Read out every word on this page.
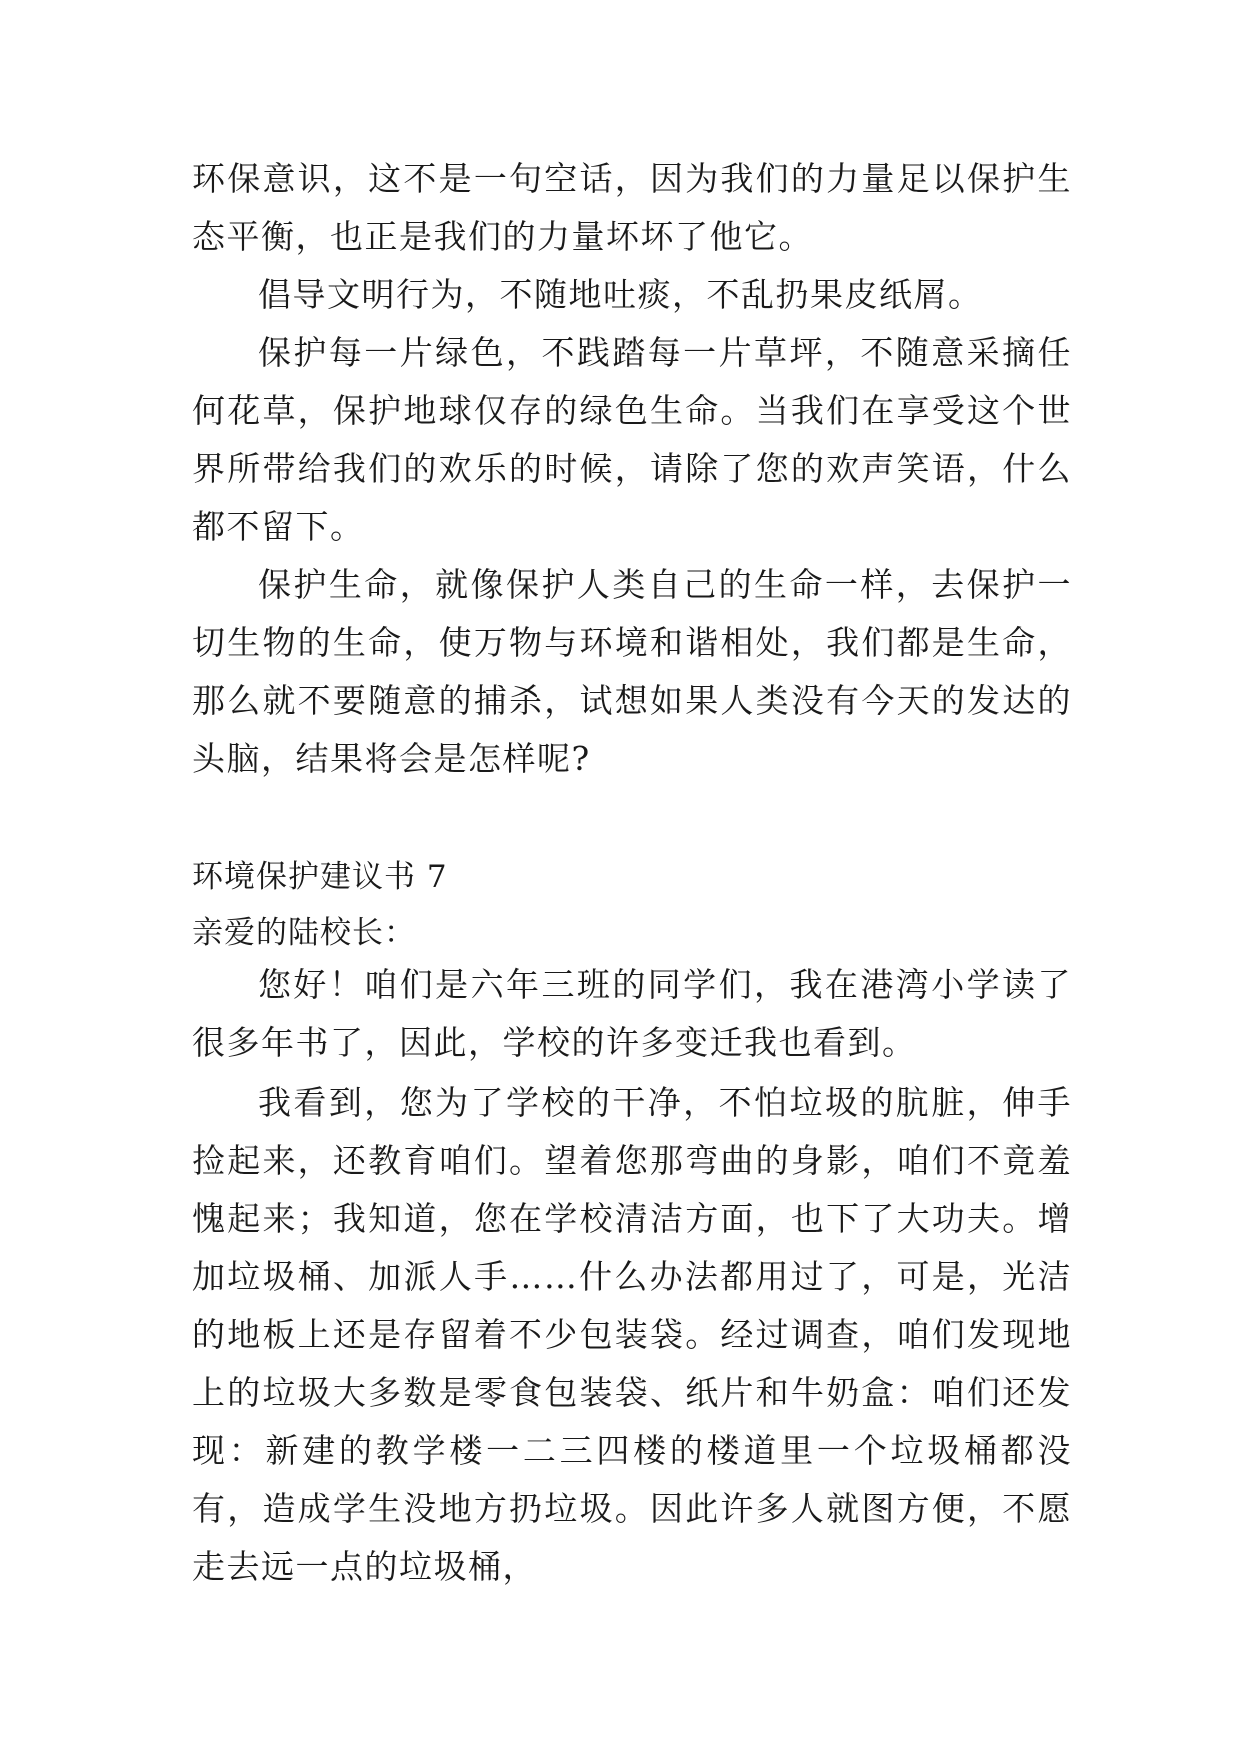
环保意识，这不是一句空话，因为我们的力量足以保护生态平衡，也正是我们的力量坏坏了他它。

倡导文明行为，不随地吐痰，不乱扔果皮纸屑。

保护每一片绿色，不践踏每一片草坪，不随意采摘任何花草，保护地球仅存的绿色生命。当我们在享受这个世界所带给我们的欢乐的时候，请除了您的欢声笑语，什么都不留下。

保护生命，就像保护人类自己的生命一样，去保护一切生物的生命，使万物与环境和谐相处，我们都是生命，那么就不要随意的捕杀，试想如果人类没有今天的发达的头脑，结果将会是怎样呢?

环境保护建议书 7

亲爱的陆校长：

您好！咱们是六年三班的同学们，我在港湾小学读了很多年书了，因此，学校的许多变迁我也看到。

我看到，您为了学校的干净，不怕垃圾的肮脏，伸手捡起来，还教育咱们。望着您那弯曲的身影，咱们不竟羞愧起来；我知道，您在学校清洁方面，也下了大功夫。增加垃圾桶、加派人手……什么办法都用过了，可是，光洁的地板上还是存留着不少包装袋。经过调查，咱们发现地上的垃圾大多数是零食包装袋、纸片和牛奶盒：咱们还发现：新建的教学楼一二三四楼的楼道里一个垃圾桶都没有，造成学生没地方扔垃圾。因此许多人就图方便，不愿走去远一点的垃圾桶，
